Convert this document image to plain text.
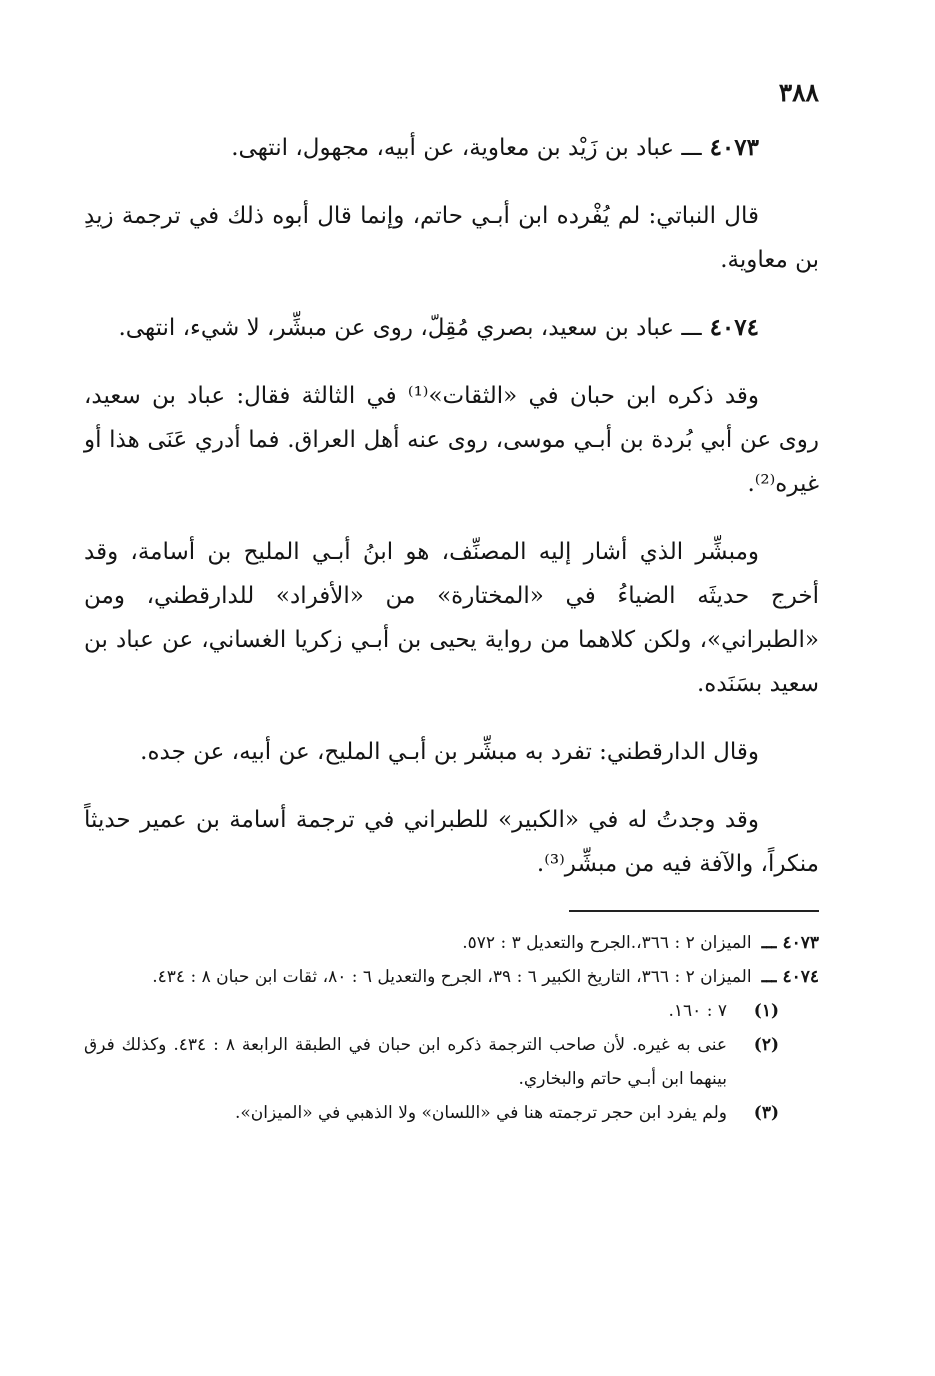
٣٨٨

٤٠٧٣ ـــ عباد بن زَيْد بن معاوية، عن أبيه، مجهول، انتهى.

قال النباتي: لم يُفْرده ابن أبـي حاتم، وإنما قال أبوه ذلك في ترجمة زيدِ بن معاوية.

٤٠٧٤ ـــ عباد بن سعيد، بصري مُقِلّ، روى عن مبشِّر، لا شيء، انتهى.

وقد ذكره ابن حبان في «الثقات»⁽¹⁾ في الثالثة فقال: عباد بن سعيد، روى عن أبي بُردة بن أبـي موسى، روى عنه أهل العراق. فما أدري عَنَى هذا أو غيره⁽²⁾.

ومبشِّر الذي أشار إليه المصنِّف، هو ابنُ أبـي المليح بن أسامة، وقد أخرج حديثَه الضياءُ في «المختارة» من «الأفراد» للدارقطني، ومن «الطبراني»، ولكن كلاهما من رواية يحيى بن أبـي زكريا الغساني، عن عباد بن سعيد بسَنَده.

وقال الدارقطني: تفرد به مبشِّر بن أبـي المليح، عن أبيه، عن جده.

وقد وجدتُ له في «الكبير» للطبراني في ترجمة أسامة بن عمير حديثاً منكراً، والآفة فيه من مبشِّر⁽³⁾.

٤٠٧٣ ـــ
الميزان ٢ : ٣٦٦،.الجرح والتعديل ٣ : ٥٧٢.
٤٠٧٤ ـــ
الميزان ٢ : ٣٦٦، التاريخ الكبير ٦ : ٣٩، الجرح والتعديل ٦ : ٨٠، ثقات ابن حبان ٨ : ٤٣٤.
(١)
٧ : ١٦٠.
(٢)
عنى به غيره. لأن صاحب الترجمة ذكره ابن حبان في الطبقة الرابعة ٨ : ٤٣٤. وكذلك فرق بينهما ابن أبـي حاتم والبخاري.
(٣)
ولم يفرد ابن حجر ترجمته هنا في «اللسان» ولا الذهبي في «الميزان».
